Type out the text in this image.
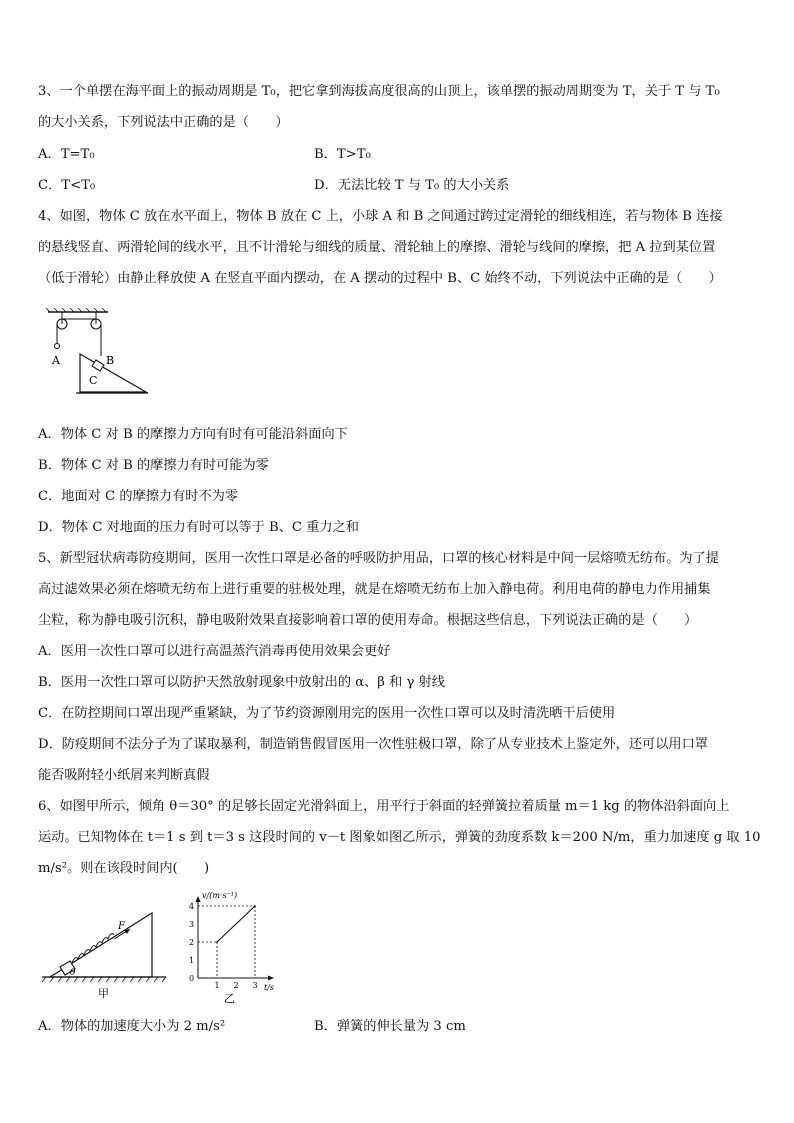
3、一个单摆在海平面上的振动周期是 T₀，把它拿到海拔高度很高的山顶上，该单摆的振动周期变为 T，关于 T 与 T₀
的大小关系，下列说法中正确的是（　　）
A．T=T₀	B．T>T₀
C．T<T₀	D．无法比较 T 与 T₀ 的大小关系
4、如图，物体 C 放在水平面上，物体 B 放在 C 上，小球 A 和 B 之间通过跨过定滑轮的细线相连，若与物体 B 连接
的悬线竖直、两滑轮间的线水平，且不计滑轮与细线的质量、滑轮轴上的摩擦、滑轮与线间的摩擦，把 A 拉到某位置
（低于滑轮）由静止释放使 A 在竖直平面内摆动，在 A 摆动的过程中 B、C 始终不动，下列说法中正确的是（　　）
A	B
C
A．物体 C 对 B 的摩擦力方向有时有可能沿斜面向下
B．物体 C 对 B 的摩擦力有时可能为零
C．地面对 C 的摩擦力有时不为零
D．物体 C 对地面的压力有时可以等于 B、C 重力之和
5、新型冠状病毒防疫期间，医用一次性口罩是必备的呼吸防护用品，口罩的核心材料是中间一层熔喷无纺布。为了提
高过滤效果必须在熔喷无纺布上进行重要的驻极处理，就是在熔喷无纺布上加入静电荷。利用电荷的静电力作用捕集
尘粒，称为静电吸引沉积，静电吸附效果直接影响着口罩的使用寿命。根据这些信息，下列说法正确的是（　　）
A．医用一次性口罩可以进行高温蒸汽消毒再使用效果会更好
B．医用一次性口罩可以防护天然放射现象中放射出的 α、β 和 γ 射线
C．在防控期间口罩出现严重紧缺，为了节约资源刚用完的医用一次性口罩可以及时清洗晒干后使用
D．防疫期间不法分子为了谋取暴利，制造销售假冒医用一次性驻极口罩，除了从专业技术上鉴定外，还可以用口罩
能否吸附轻小纸屑来判断真假
6、如图甲所示，倾角 θ＝30° 的足够长固定光滑斜面上，用平行于斜面的轻弹簧拉着质量 m＝1 kg 的物体沿斜面向上
运动。已知物体在 t＝1 s 到 t＝3 s 这段时间的 v－t 图象如图乙所示，弹簧的劲度系数 k＝200 N/m，重力加速度 g 取 10
m/s²。则在该段时间内(　　)
F
θ
甲
4
3
2
1
0
1 2 3
v/(m·s⁻¹)
t/s
乙
A．物体的加速度大小为 2 m/s²	B．弹簧的伸长量为 3 cm
